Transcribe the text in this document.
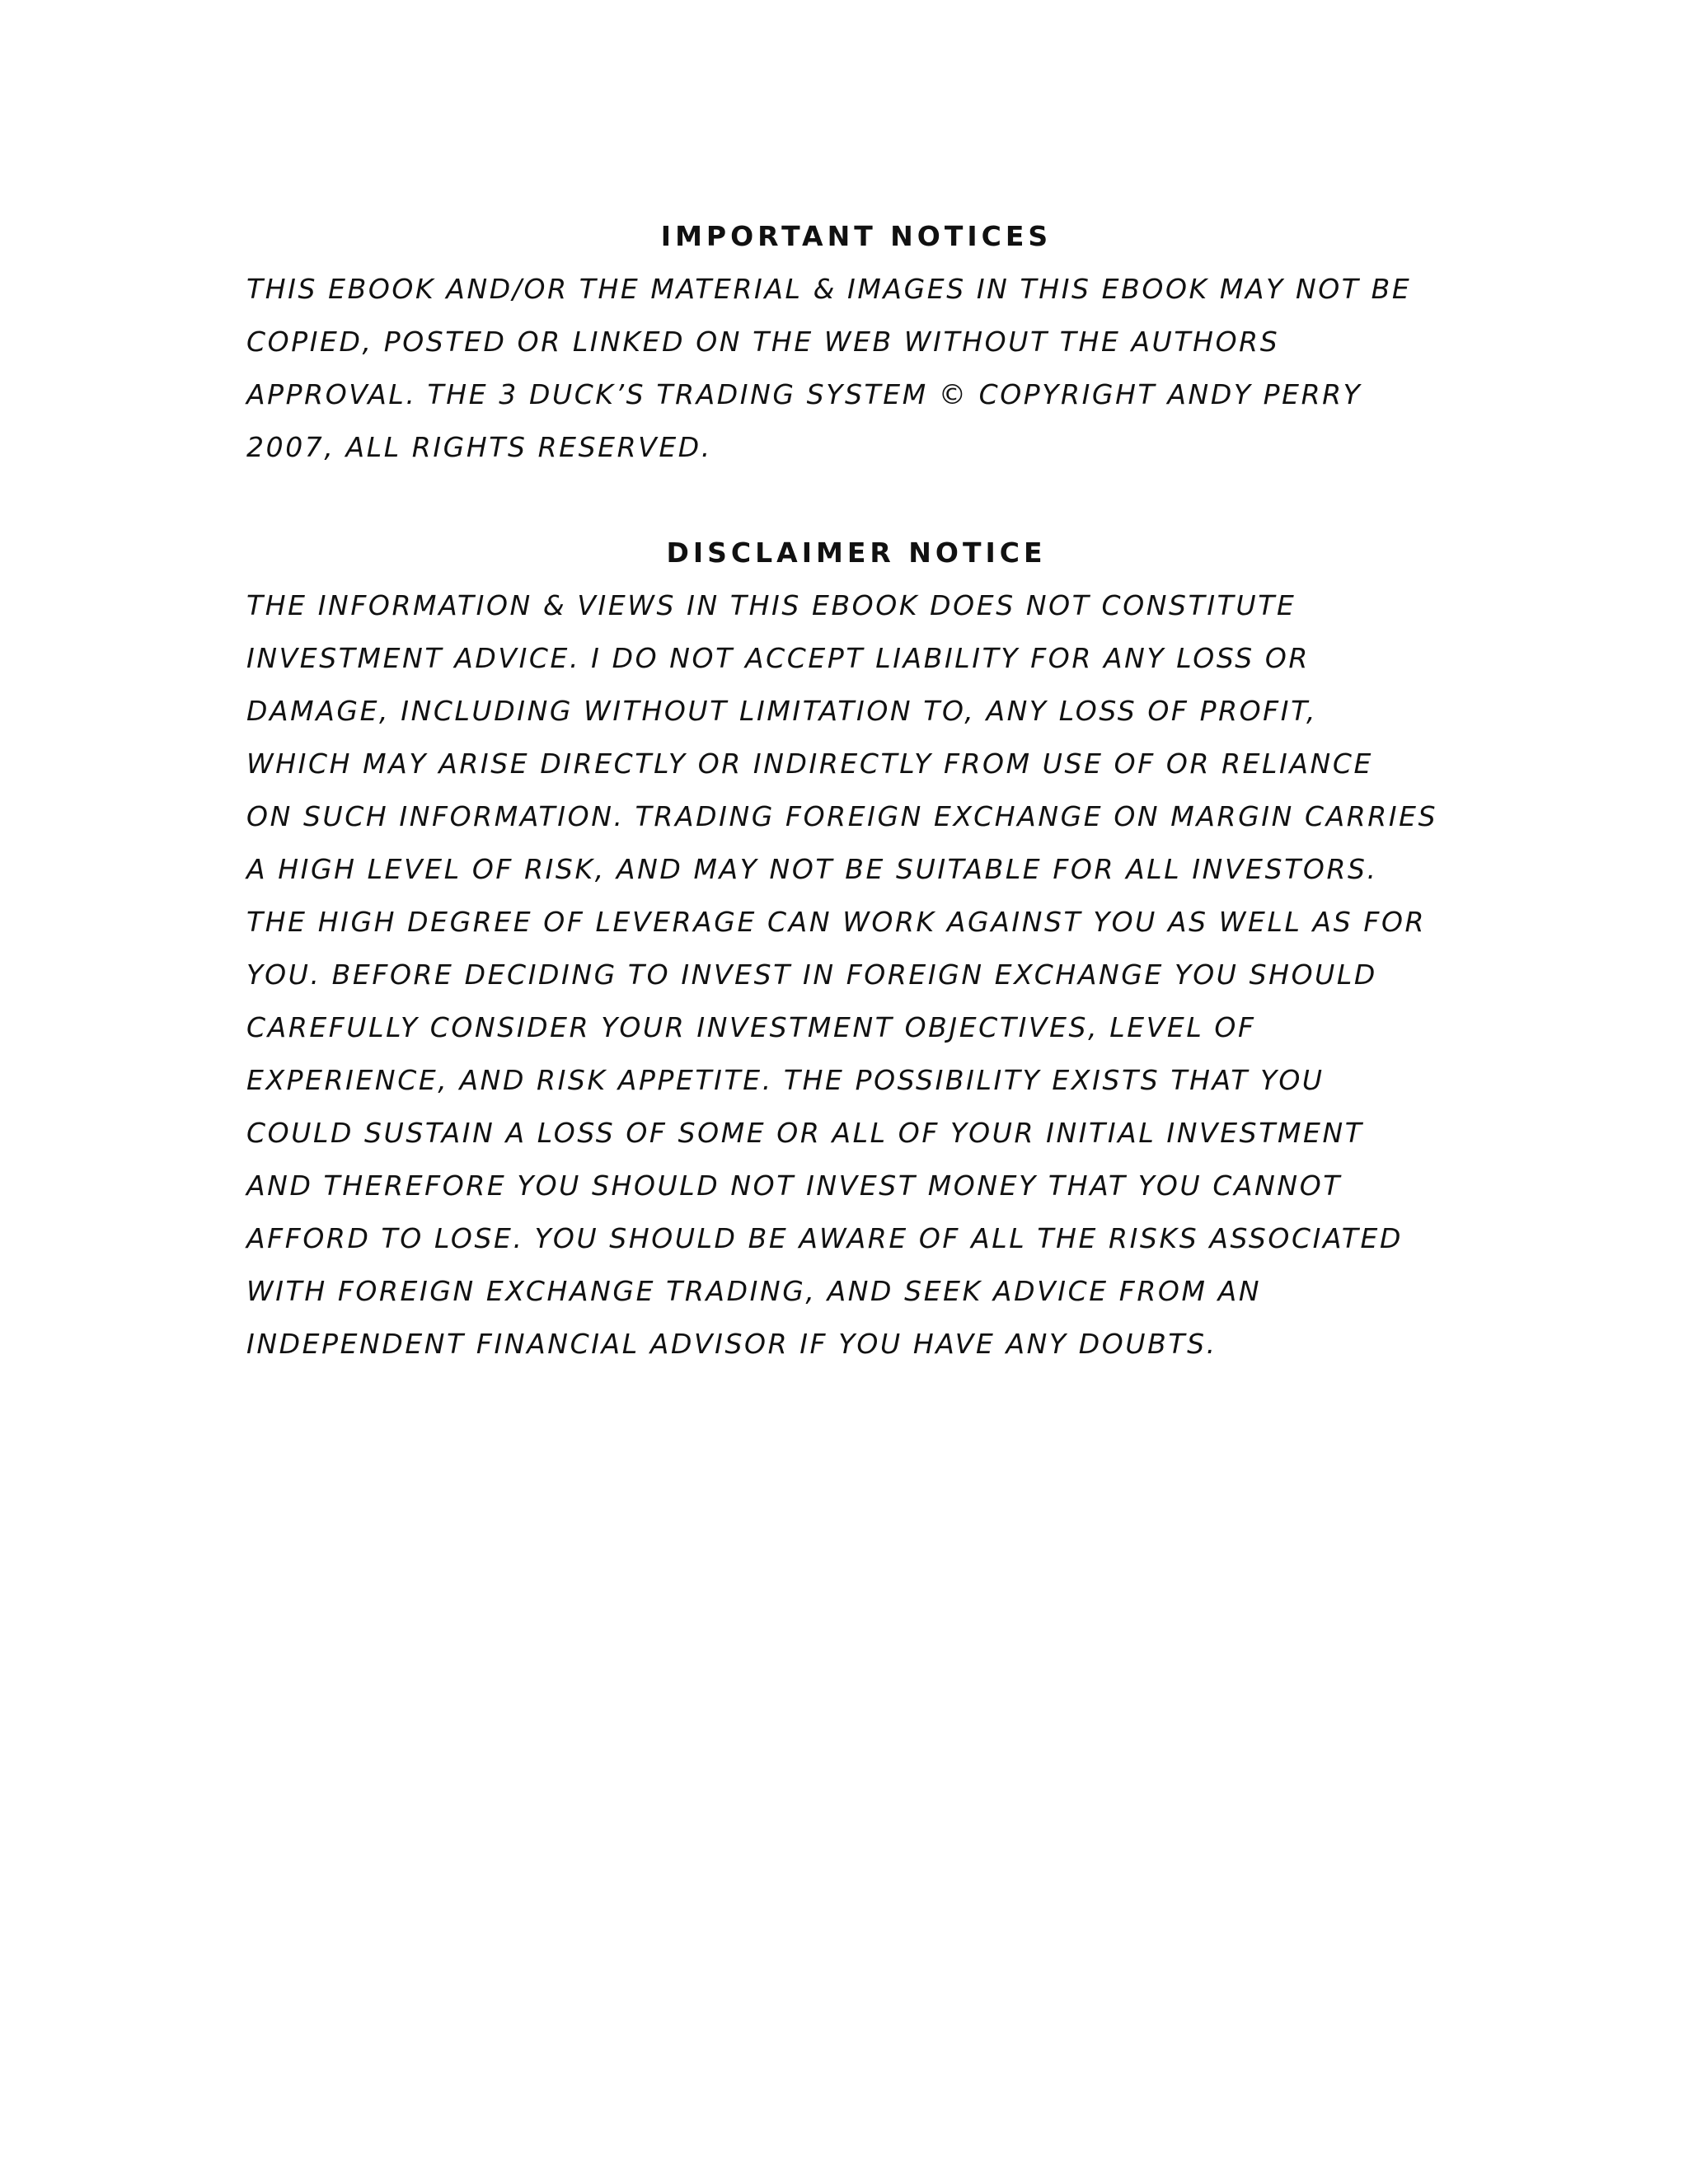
IMPORTANT NOTICES

THIS EBOOK AND/OR THE MATERIAL & IMAGES IN THIS EBOOK MAY NOT BE

COPIED, POSTED OR LINKED ON THE WEB WITHOUT THE AUTHORS

APPROVAL. THE 3 DUCK’S TRADING SYSTEM © COPYRIGHT ANDY PERRY

2007, ALL RIGHTS RESERVED.

DISCLAIMER NOTICE

THE INFORMATION & VIEWS IN THIS EBOOK DOES NOT CONSTITUTE

INVESTMENT ADVICE. I DO NOT ACCEPT LIABILITY FOR ANY LOSS OR

DAMAGE, INCLUDING WITHOUT LIMITATION TO, ANY LOSS OF PROFIT,

WHICH MAY ARISE DIRECTLY OR INDIRECTLY FROM USE OF OR RELIANCE

ON SUCH INFORMATION. TRADING FOREIGN EXCHANGE ON MARGIN CARRIES

A HIGH LEVEL OF RISK, AND MAY NOT BE SUITABLE FOR ALL INVESTORS.

THE HIGH DEGREE OF LEVERAGE CAN WORK AGAINST YOU AS WELL AS FOR

YOU. BEFORE DECIDING TO INVEST IN FOREIGN EXCHANGE YOU SHOULD

CAREFULLY CONSIDER YOUR INVESTMENT OBJECTIVES, LEVEL OF

EXPERIENCE, AND RISK APPETITE. THE POSSIBILITY EXISTS THAT YOU

COULD SUSTAIN A LOSS OF SOME OR ALL OF YOUR INITIAL INVESTMENT

AND THEREFORE YOU SHOULD NOT INVEST MONEY THAT YOU CANNOT

AFFORD TO LOSE. YOU SHOULD BE AWARE OF ALL THE RISKS ASSOCIATED

WITH FOREIGN EXCHANGE TRADING, AND SEEK ADVICE FROM AN

INDEPENDENT FINANCIAL ADVISOR IF YOU HAVE ANY DOUBTS.
